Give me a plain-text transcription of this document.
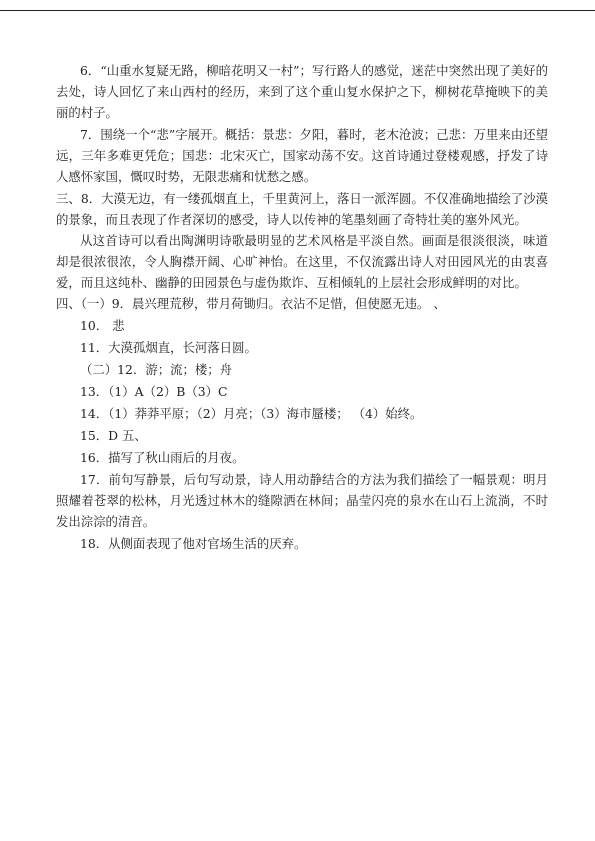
6．“山重水复疑无路，柳暗花明又一村”；写行路人的感觉，迷茫中突然出现了美好的去处，诗人回忆了来山西村的经历，来到了这个重山复水保护之下，柳树花草掩映下的美丽的村子。

7．围绕一个“悲”字展开。概括：景悲：夕阳，暮时，老木沧波；己悲：万里来由还望远，三年多难更凭危；国悲：北宋灭亡，国家动荡不安。这首诗通过登楼观感，抒发了诗人感怀家国，慨叹时势，无限悲痛和忧愁之感。

三、8．大漠无边，有一缕孤烟直上，千里黄河上，落日一派浑圆。不仅准确地描绘了沙漠的景象，而且表现了作者深切的感受，诗人以传神的笔墨刻画了奇特壮美的塞外风光。

从这首诗可以看出陶渊明诗歌最明显的艺术风格是平淡自然。画面是很淡很淡，味道却是很浓很浓，令人胸襟开阔、心旷神怡。在这里，不仅流露出诗人对田园风光的由衷喜爱，而且这纯朴、幽静的田园景色与虚伪欺诈、互相倾轧的上层社会形成鲜明的对比。

四、（一）9．晨兴理荒秽，带月荷锄归。衣沾不足惜，但使愿无违。 、

10． 悲

11．大漠孤烟直，长河落日圆。

（二）12．游；流；楼；舟

13．（1）A（2）B（3）C

14．（1）莽莽平原；（2）月亮；（3）海市蜃楼； （4）始终。

15．D 五、

16．描写了秋山雨后的月夜。

17．前句写静景，后句写动景，诗人用动静结合的方法为我们描绘了一幅景观：明月照耀着苍翠的松林，月光透过林木的缝隙洒在林间；晶莹闪亮的泉水在山石上流淌，不时发出淙淙的清音。

18．从侧面表现了他对官场生活的厌弃。
